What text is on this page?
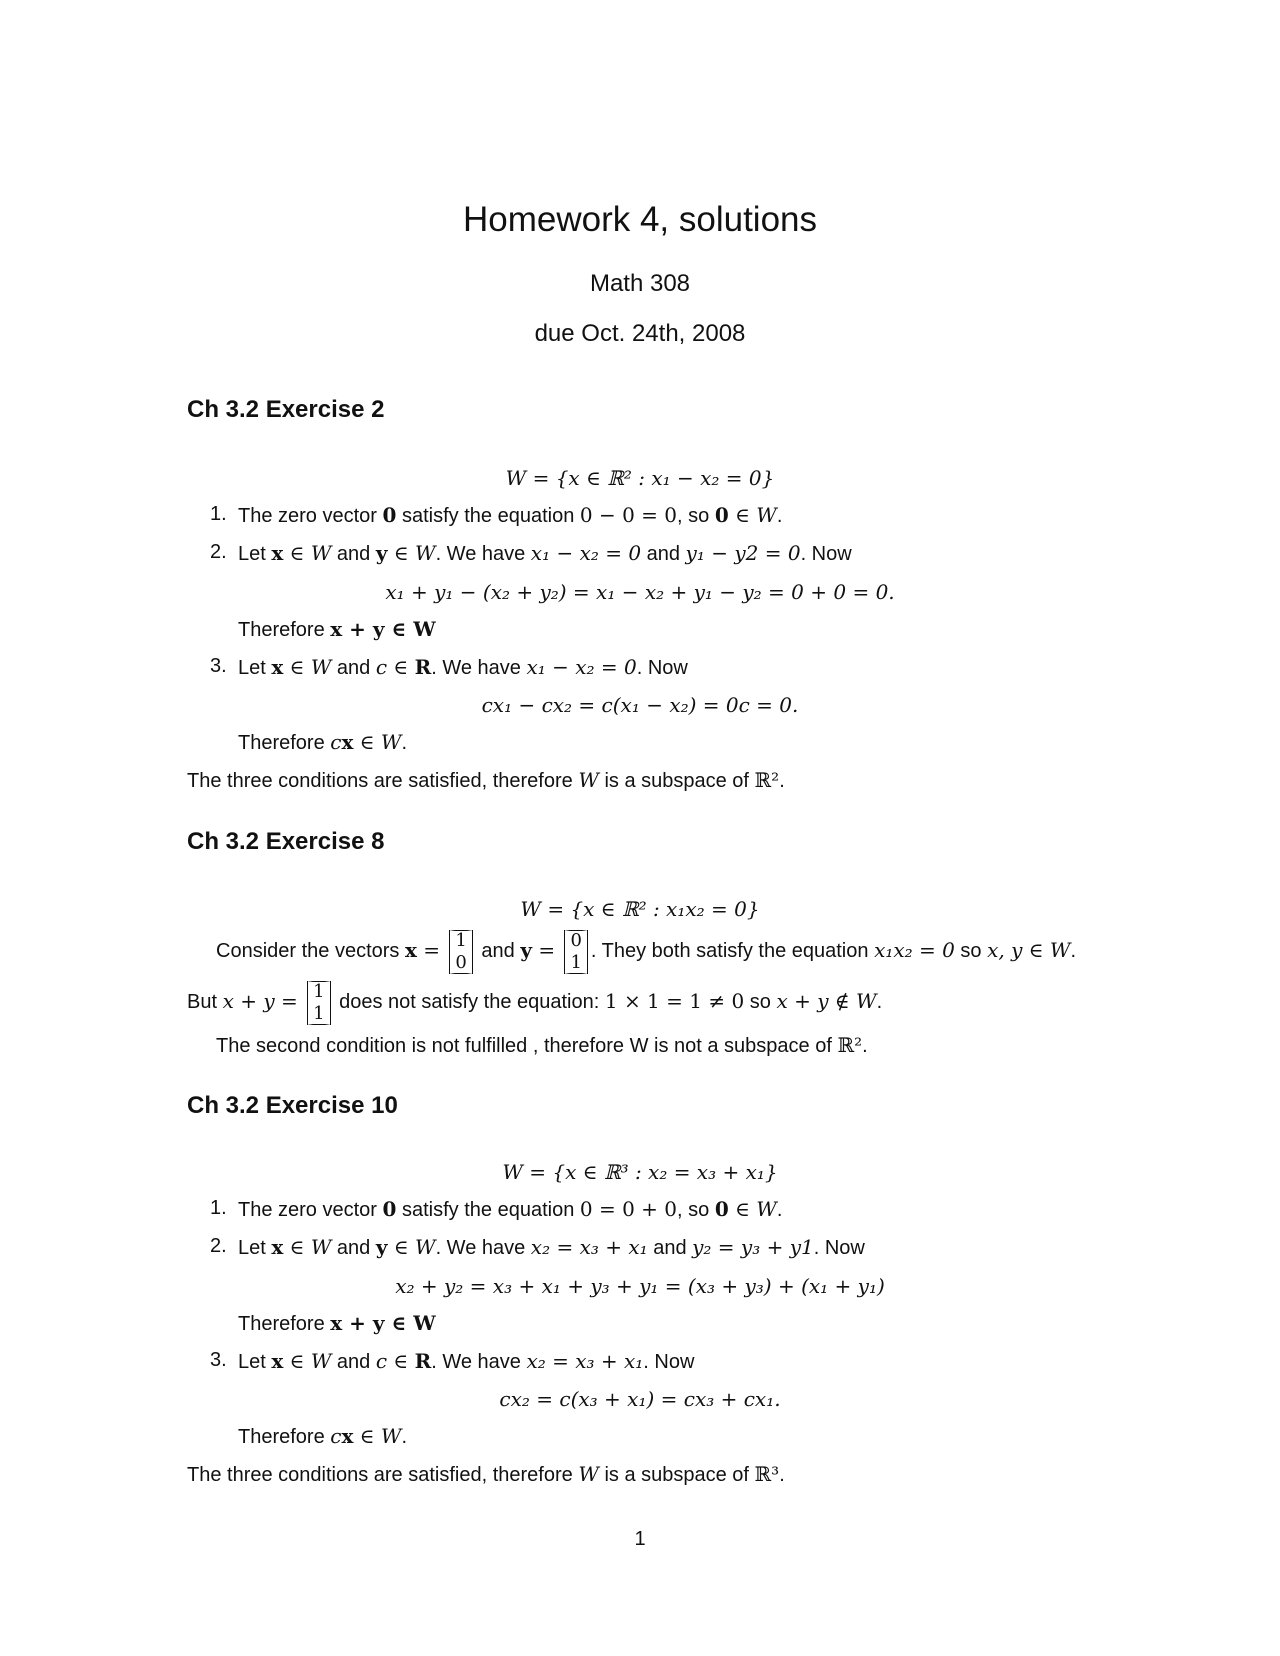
Homework 4, solutions
Math 308
due Oct. 24th, 2008
Ch 3.2 Exercise 2
W = {x ∈ ℝ² : x₁ − x₂ = 0}
1. The zero vector 0 satisfy the equation 0 − 0 = 0, so 0 ∈ W.
2. Let x ∈ W and y ∈ W. We have x₁ − x₂ = 0 and y₁ − y2 = 0. Now
x₁ + y₁ − (x₂ + y₂) = x₁ − x₂ + y₁ − y₂ = 0 + 0 = 0.
Therefore x + y ∈ W
3. Let x ∈ W and c ∈ R. We have x₁ − x₂ = 0. Now
cx₁ − cx₂ = c(x₁ − x₂) = 0c = 0.
Therefore cx ∈ W.
The three conditions are satisfied, therefore W is a subspace of ℝ².
Ch 3.2 Exercise 8
W = {x ∈ ℝ² : x₁x₂ = 0}
Consider the vectors x = 1
0
and y = 0
1
. They both satisfy the equation x₁x₂ = 0 so x, y ∈ W.
But x + y = 1
1
does not satisfy the equation: 1 × 1 = 1 ≠ 0 so x + y ∉ W.
The second condition is not fulfilled , therefore W is not a subspace of ℝ².
Ch 3.2 Exercise 10
W = {x ∈ ℝ³ : x₂ = x₃ + x₁}
1. The zero vector 0 satisfy the equation 0 = 0 + 0, so 0 ∈ W.
2. Let x ∈ W and y ∈ W. We have x₂ = x₃ + x₁ and y₂ = y₃ + y1. Now
x₂ + y₂ = x₃ + x₁ + y₃ + y₁ = (x₃ + y₃) + (x₁ + y₁)
Therefore x + y ∈ W
3. Let x ∈ W and c ∈ R. We have x₂ = x₃ + x₁. Now
cx₂ = c(x₃ + x₁) = cx₃ + cx₁.
Therefore cx ∈ W.
The three conditions are satisfied, therefore W is a subspace of ℝ³.
1
